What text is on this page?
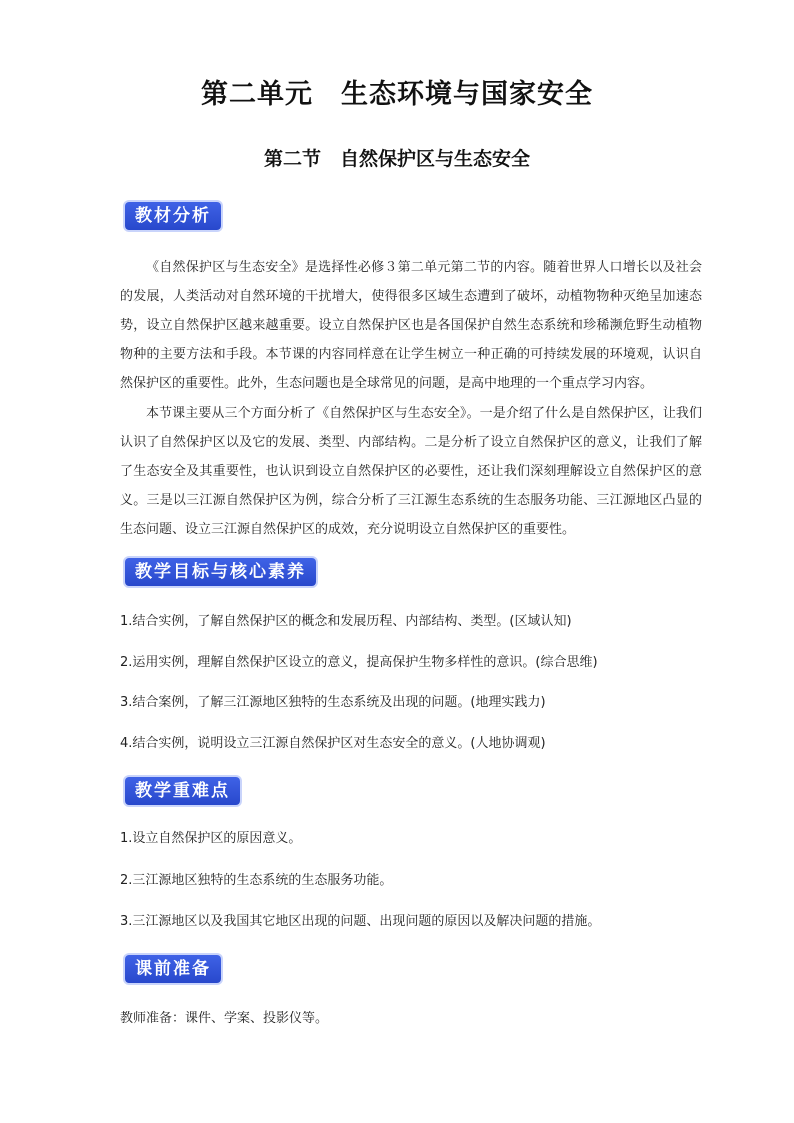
第二单元　生态环境与国家安全
第二节　自然保护区与生态安全
教材分析
《自然保护区与生态安全》是选择性必修３第二单元第二节的内容。随着世界人口增长以及社会的发展，人类活动对自然环境的干扰增大，使得很多区域生态遭到了破坏，动植物物种灭绝呈加速态势，设立自然保护区越来越重要。设立自然保护区也是各国保护自然生态系统和珍稀濒危野生动植物物种的主要方法和手段。本节课的内容同样意在让学生树立一种正确的可持续发展的环境观，认识自然保护区的重要性。此外，生态问题也是全球常见的问题，是高中地理的一个重点学习内容。
本节课主要从三个方面分析了《自然保护区与生态安全》。一是介绍了什么是自然保护区，让我们认识了自然保护区以及它的发展、类型、内部结构。二是分析了设立自然保护区的意义，让我们了解了生态安全及其重要性，也认识到设立自然保护区的必要性，还让我们深刻理解设立自然保护区的意义。三是以三江源自然保护区为例，综合分析了三江源生态系统的生态服务功能、三江源地区凸显的生态问题、设立三江源自然保护区的成效，充分说明设立自然保护区的重要性。
教学目标与核心素养
1.结合实例，了解自然保护区的概念和发展历程、内部结构、类型。(区域认知)
2.运用实例，理解自然保护区设立的意义，提高保护生物多样性的意识。(综合思维)
3.结合案例，了解三江源地区独特的生态系统及出现的问题。(地理实践力)
4.结合实例，说明设立三江源自然保护区对生态安全的意义。(人地协调观)
教学重难点
1.设立自然保护区的原因意义。
2.三江源地区独特的生态系统的生态服务功能。
3.三江源地区以及我国其它地区出现的问题、出现问题的原因以及解决问题的措施。
课前准备
教师准备：课件、学案、投影仪等。
